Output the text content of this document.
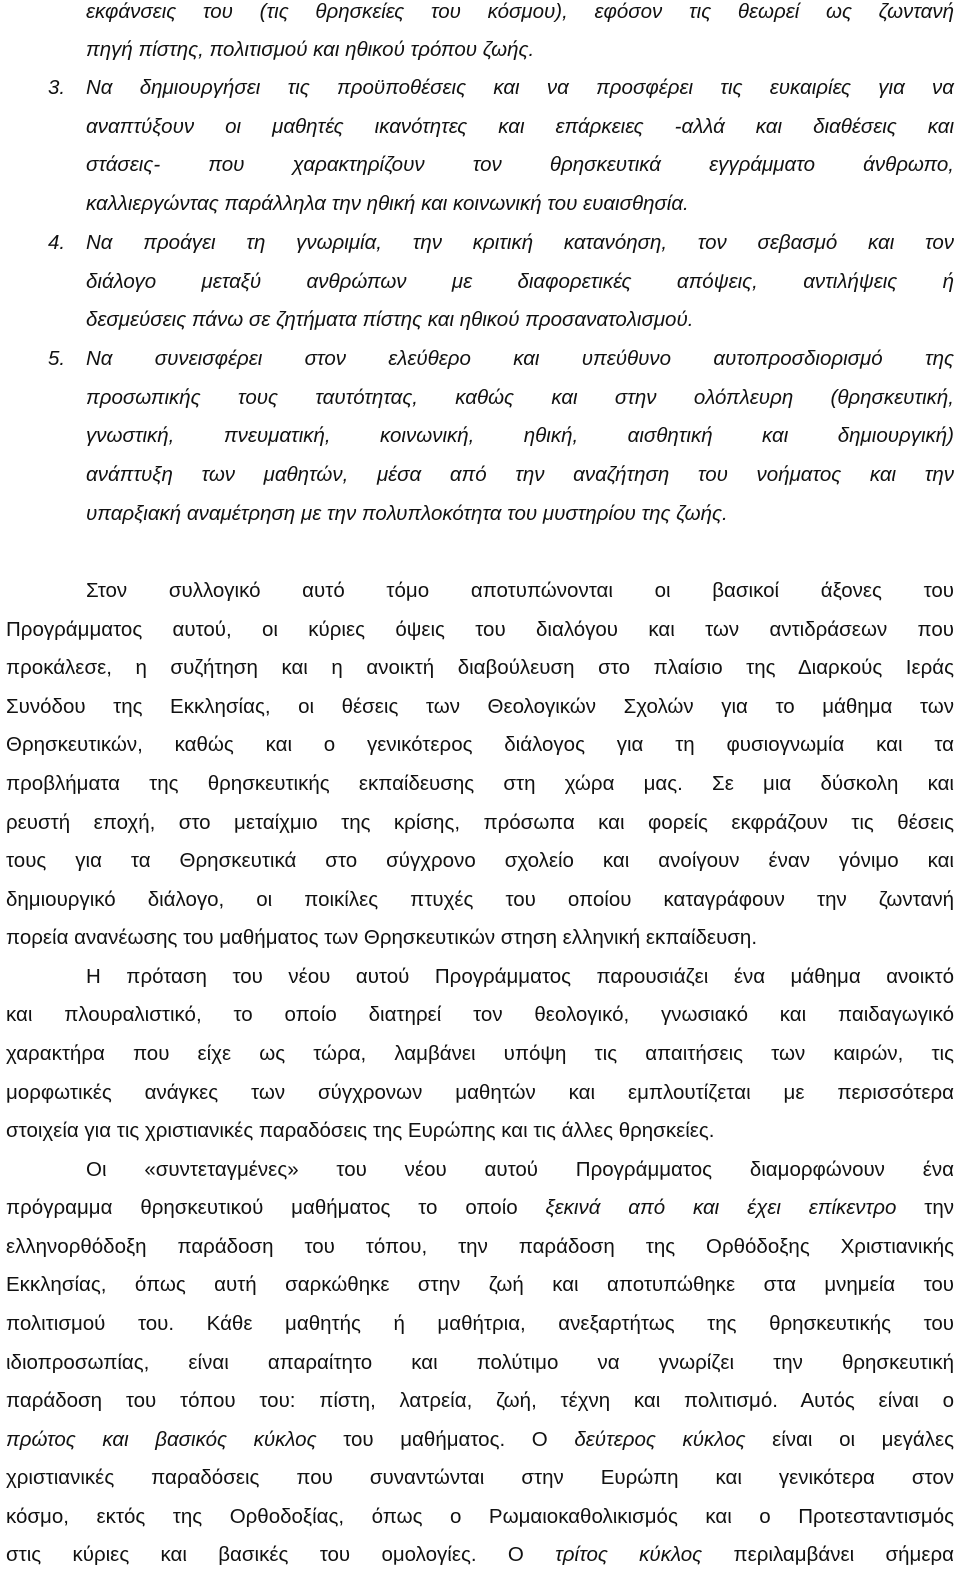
εκφάνσεις του (τις θρησκείες του κόσμου), εφόσον τις θεωρεί ως ζωντανή
πηγή πίστης, πολιτισμού και ηθικού τρόπου ζωής.
3. Να δημιουργήσει τις προϋποθέσεις και να προσφέρει τις ευκαιρίες για να
αναπτύξουν οι μαθητές ικανότητες και επάρκειες -αλλά και διαθέσεις και
στάσεις- που χαρακτηρίζουν τον θρησκευτικά εγγράμματο άνθρωπο,
καλλιεργώντας παράλληλα την ηθική και κοινωνική του ευαισθησία.
4. Να προάγει τη γνωριμία, την κριτική κατανόηση, τον σεβασμό και τον
διάλογο μεταξύ ανθρώπων με διαφορετικές απόψεις, αντιλήψεις ή
δεσμεύσεις πάνω σε ζητήματα πίστης και ηθικού προσανατολισμού.
5. Να συνεισφέρει στον ελεύθερο και υπεύθυνο αυτοπροσδιορισμό της
προσωπικής τους ταυτότητας, καθώς και στην ολόπλευρη (θρησκευτική,
γνωστική, πνευματική, κοινωνική, ηθική, αισθητική και δημιουργική)
ανάπτυξη των μαθητών, μέσα από την αναζήτηση του νοήματος και την
υπαρξιακή αναμέτρηση με την πολυπλοκότητα του μυστηρίου της ζωής.
Στον συλλογικό αυτό τόμο αποτυπώνονται οι βασικοί άξονες του
Προγράμματος αυτού, οι κύριες όψεις του διαλόγου και των αντιδράσεων που
προκάλεσε, η συζήτηση και η ανοικτή διαβούλευση στο πλαίσιο της Διαρκούς Ιεράς
Συνόδου της Εκκλησίας, οι θέσεις των Θεολογικών Σχολών για το μάθημα των
Θρησκευτικών, καθώς και ο γενικότερος διάλογος για τη φυσιογνωμία και τα
προβλήματα της θρησκευτικής εκπαίδευσης στη χώρα μας. Σε μια δύσκολη και
ρευστή εποχή, στο μεταίχμιο της κρίσης, πρόσωπα και φορείς εκφράζουν τις θέσεις
τους για τα Θρησκευτικά στο σύγχρονο σχολείο και ανοίγουν έναν γόνιμο και
δημιουργικό διάλογο, οι ποικίλες πτυχές του οποίου καταγράφουν την ζωντανή
πορεία ανανέωσης του μαθήματος των Θρησκευτικών στηση ελληνική εκπαίδευση.
Η πρόταση του νέου αυτού Προγράμματος παρουσιάζει ένα μάθημα ανοικτό
και πλουραλιστικό, το οποίο διατηρεί τον θεολογικό, γνωσιακό και παιδαγωγικό
χαρακτήρα που είχε ως τώρα, λαμβάνει υπόψη τις απαιτήσεις των καιρών, τις
μορφωτικές ανάγκες των σύγχρονων μαθητών και εμπλουτίζεται με περισσότερα
στοιχεία για τις χριστιανικές παραδόσεις της Ευρώπης και τις άλλες θρησκείες.
Οι «συντεταγμένες» του νέου αυτού Προγράμματος διαμορφώνουν ένα
πρόγραμμα θρησκευτικού μαθήματος το οποίο ξεκινά από και έχει επίκεντρο την
ελληνορθόδοξη παράδοση του τόπου, την παράδοση της Ορθόδοξης Χριστιανικής
Εκκλησίας, όπως αυτή σαρκώθηκε στην ζωή και αποτυπώθηκε στα μνημεία του
πολιτισμού του. Κάθε μαθητής ή μαθήτρια, ανεξαρτήτως της θρησκευτικής του
ιδιοπροσωπίας, είναι απαραίτητο και πολύτιμο να γνωρίζει την θρησκευτική
παράδοση του τόπου του: πίστη, λατρεία, ζωή, τέχνη και πολιτισμό. Αυτός είναι ο
πρώτος και βασικός κύκλος του μαθήματος. Ο δεύτερος κύκλος είναι οι μεγάλες
χριστιανικές παραδόσεις που συναντώνται στην Ευρώπη και γενικότερα στον
κόσμο, εκτός της Ορθοδοξίας, όπως ο Ρωμαιοκαθολικισμός και ο Προτεσταντισμός
στις κύριες και βασικές του ομολογίες. Ο τρίτος κύκλος περιλαμβάνει σήμερα
